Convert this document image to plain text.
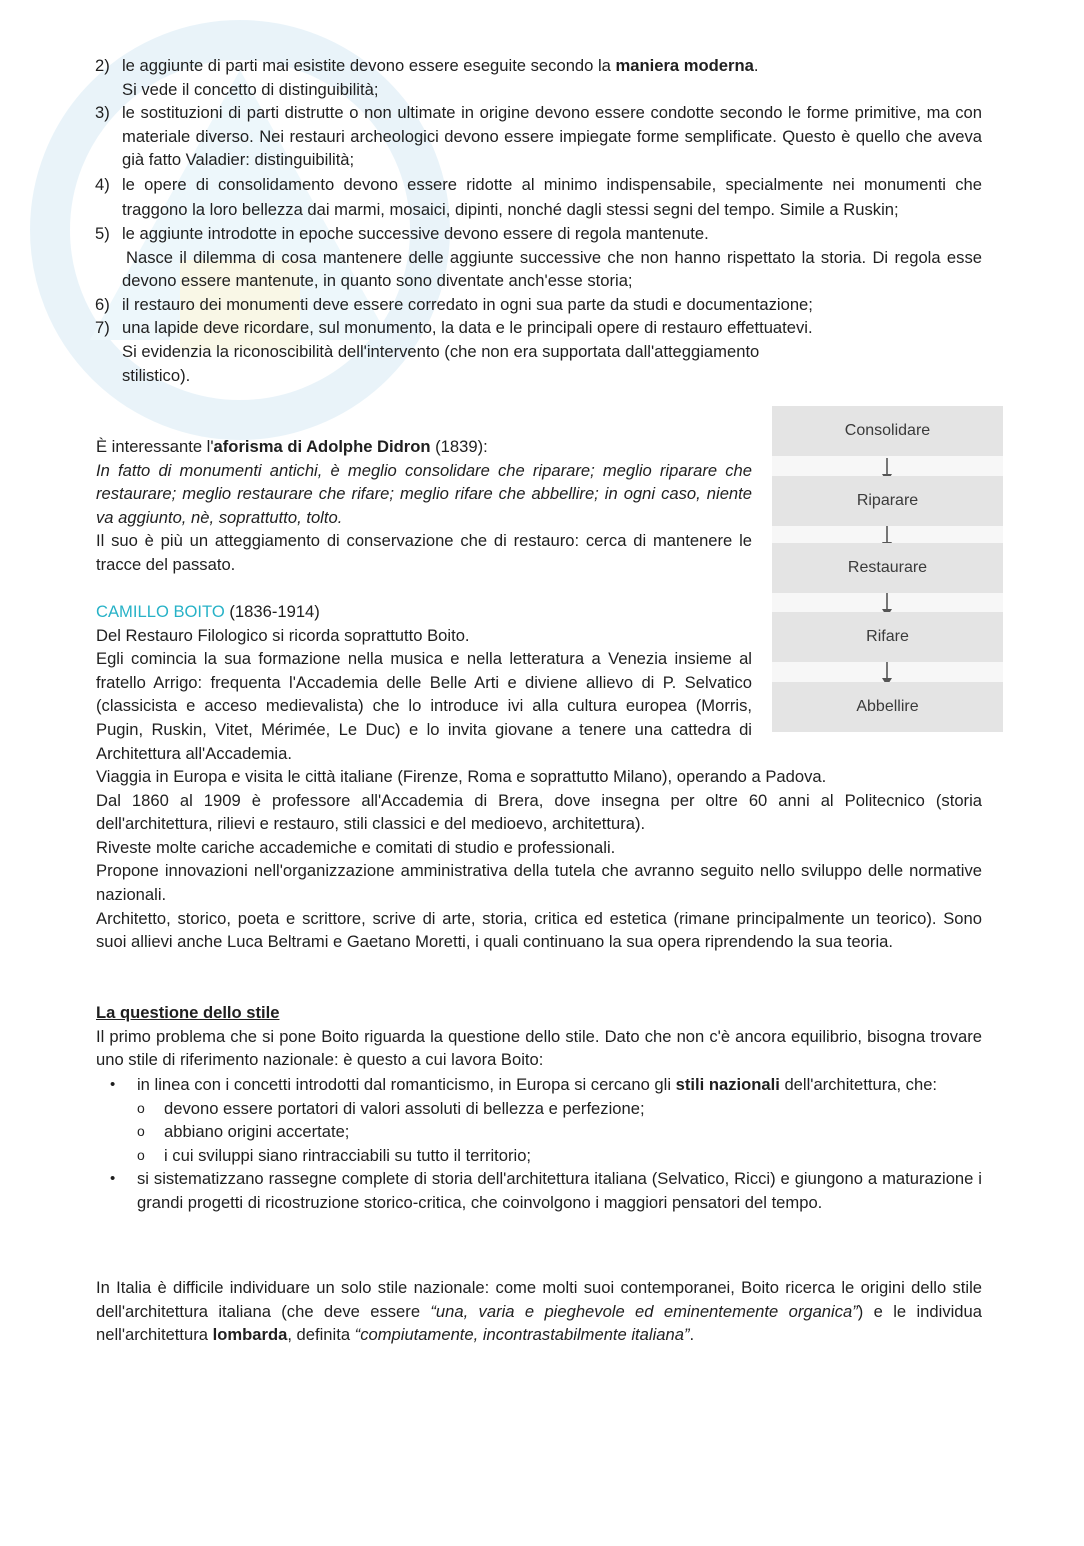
2) le aggiunte di parti mai esistite devono essere eseguite secondo la maniera moderna.

Si vede il concetto di distinguibilità;

3) le sostituzioni di parti distrutte o non ultimate in origine devono essere condotte secondo le forme primitive, ma con materiale diverso. Nei restauri archeologici devono essere impiegate forme semplificate. Questo è quello che aveva già fatto Valadier: distinguibilità;

4) le opere di consolidamento devono essere ridotte al minimo indispensabile, specialmente nei monumenti che traggono la loro bellezza dai marmi, mosaici, dipinti, nonché dagli stessi segni del tempo. Simile a Ruskin;

5) le aggiunte introdotte in epoche successive devono essere di regola mantenute.

Nasce il dilemma di cosa mantenere delle aggiunte successive che non hanno rispettato la storia. Di regola esse devono essere mantenute, in quanto sono diventate anch'esse storia;

6) il restauro dei monumenti deve essere corredato in ogni sua parte da studi e documentazione;

7) una lapide deve ricordare, sul monumento, la data e le principali opere di restauro effettuatevi.

Si evidenzia la riconoscibilità dell'intervento (che non era supportata dall'atteggiamento

stilistico).

È interessante l'aforisma di Adolphe Didron (1839):

In fatto di monumenti antichi, è meglio consolidare che riparare; meglio riparare che restaurare; meglio restaurare che rifare; meglio rifare che abbellire; in ogni caso, niente va aggiunto, nè, soprattutto, tolto.

Il suo è più un atteggiamento di conservazione che di restauro: cerca di mantenere le tracce del passato.

Consolidare
Riparare
Restaurare
Rifare
Abbellire

CAMILLO BOITO (1836-1914)

Del Restauro Filologico si ricorda soprattutto Boito.

Egli comincia la sua formazione nella musica e nella letteratura a Venezia insieme al fratello Arrigo: frequenta l'Accademia delle Belle Arti e diviene allievo di P. Selvatico (classicista e acceso medievalista) che lo introduce ivi alla cultura europea (Morris, Pugin, Ruskin, Vitet, Mérimée, Le Duc) e lo invita giovane a tenere una cattedra di Architettura all'Accademia.

Viaggia in Europa e visita le città italiane (Firenze, Roma e soprattutto Milano), operando a Padova.

Dal 1860 al 1909 è professore all'Accademia di Brera, dove insegna per oltre 60 anni al Politecnico (storia dell'architettura, rilievi e restauro, stili classici e del medioevo, architettura).

Riveste molte cariche accademiche e comitati di studio e professionali.

Propone innovazioni nell'organizzazione amministrativa della tutela che avranno seguito nello sviluppo delle normative nazionali.

Architetto, storico, poeta e scrittore, scrive di arte, storia, critica ed estetica (rimane principalmente un teorico). Sono suoi allievi anche Luca Beltrami e Gaetano Moretti, i quali continuano la sua opera riprendendo la sua teoria.

La questione dello stile

Il primo problema che si pone Boito riguarda la questione dello stile. Dato che non c'è ancora equilibrio, bisogna trovare uno stile di riferimento nazionale: è questo a cui lavora Boito:

• in linea con i concetti introdotti dal romanticismo, in Europa si cercano gli stili nazionali dell'architettura, che:

o devono essere portatori di valori assoluti di bellezza e perfezione;

o abbiano origini accertate;

o i cui sviluppi siano rintracciabili su tutto il territorio;

• si sistematizzano rassegne complete di storia dell'architettura italiana (Selvatico, Ricci) e giungono a maturazione i grandi progetti di ricostruzione storico-critica, che coinvolgono i maggiori pensatori del tempo.

In Italia è difficile individuare un solo stile nazionale: come molti suoi contemporanei, Boito ricerca le origini dello stile dell'architettura italiana (che deve essere “una, varia e pieghevole ed eminentemente organica”) e le individua nell'architettura lombarda, definita “compiutamente, incontrastabilmente italiana”.
